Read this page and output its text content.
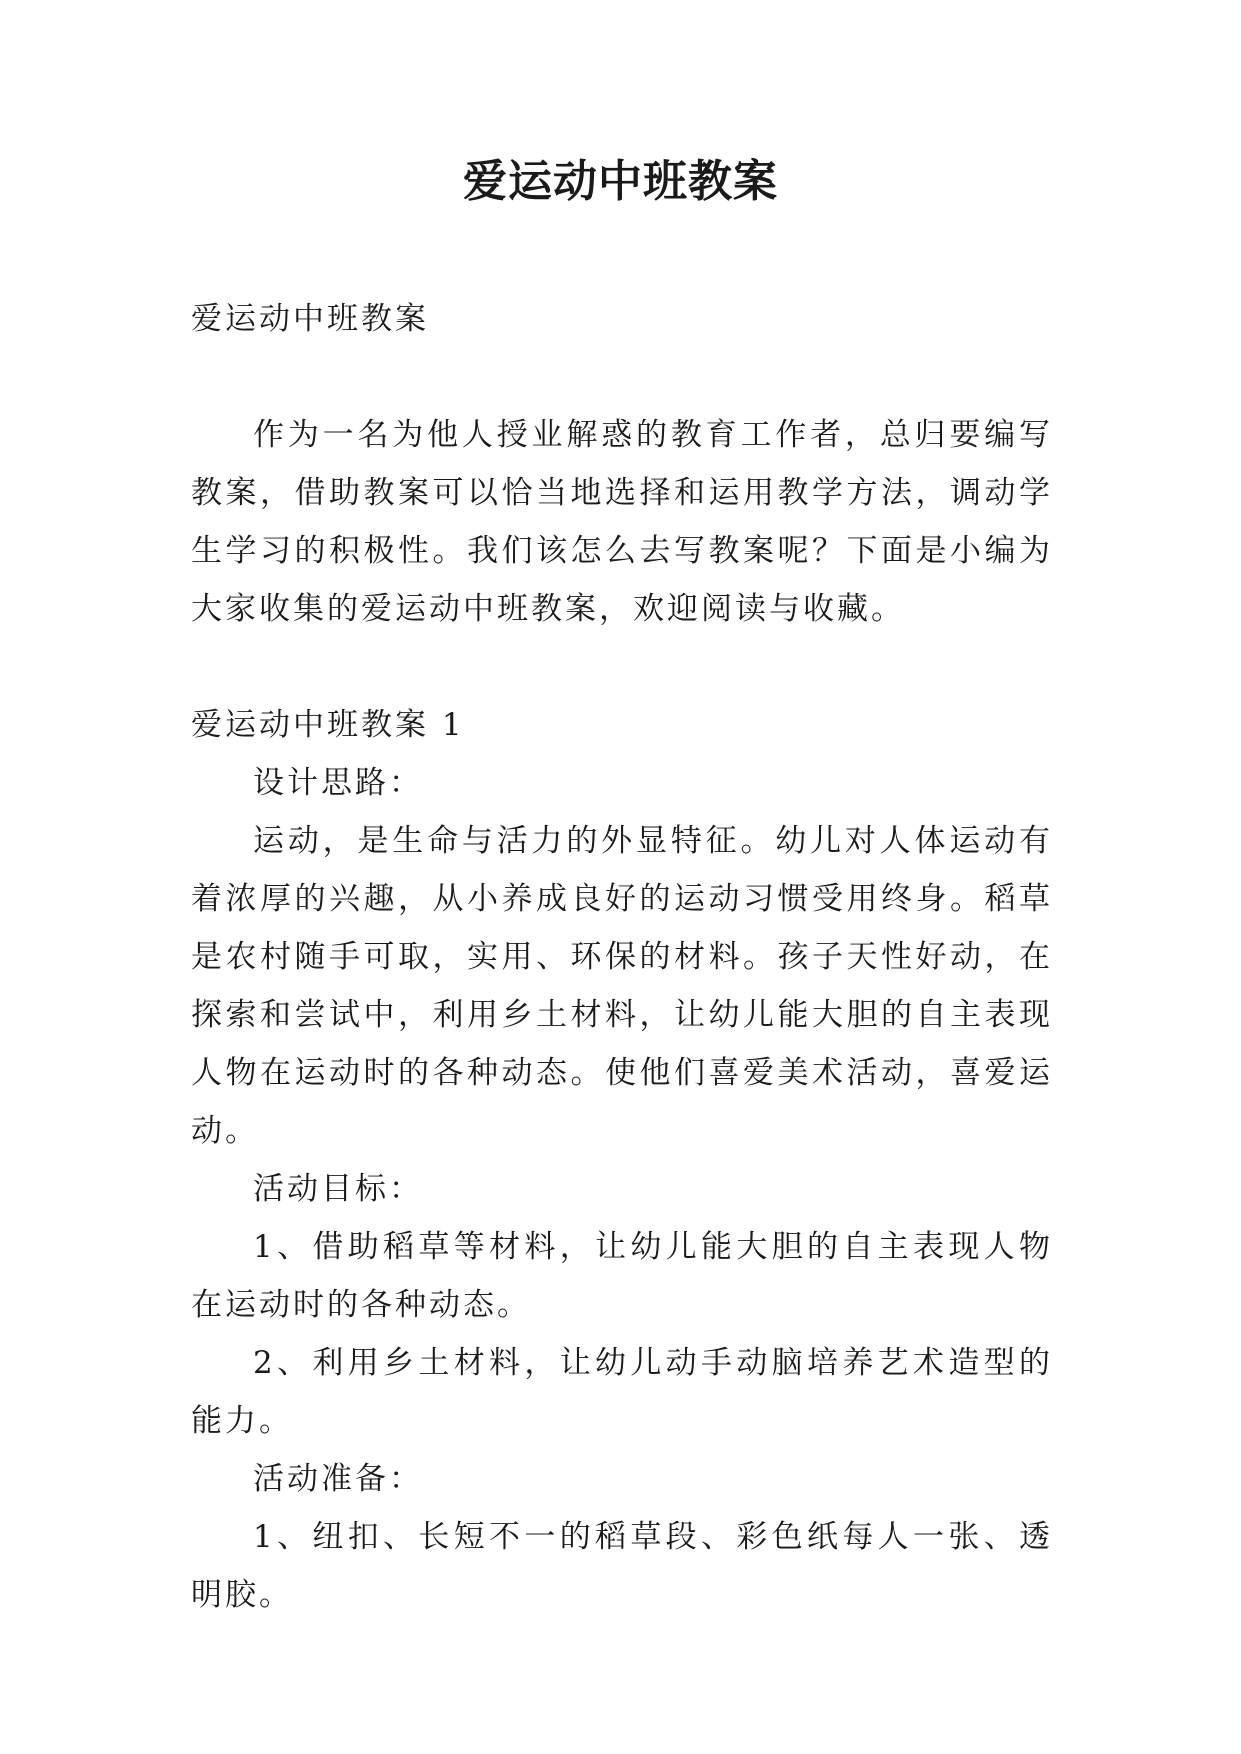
爱运动中班教案

爱运动中班教案

作为一名为他人授业解惑的教育工作者，总归要编写教案，借助教案可以恰当地选择和运用教学方法，调动学生学习的积极性。我们该怎么去写教案呢？下面是小编为大家收集的爱运动中班教案，欢迎阅读与收藏。

爱运动中班教案 1

设计思路：

运动，是生命与活力的外显特征。幼儿对人体运动有着浓厚的兴趣，从小养成良好的运动习惯受用终身。稻草是农村随手可取，实用、环保的材料。孩子天性好动，在探索和尝试中，利用乡土材料，让幼儿能大胆的自主表现人物在运动时的各种动态。使他们喜爱美术活动，喜爱运动。

活动目标：

1、借助稻草等材料，让幼儿能大胆的自主表现人物在运动时的各种动态。

2、利用乡土材料，让幼儿动手动脑培养艺术造型的能力。

活动准备：

1、纽扣、长短不一的稻草段、彩色纸每人一张、透明胶。
